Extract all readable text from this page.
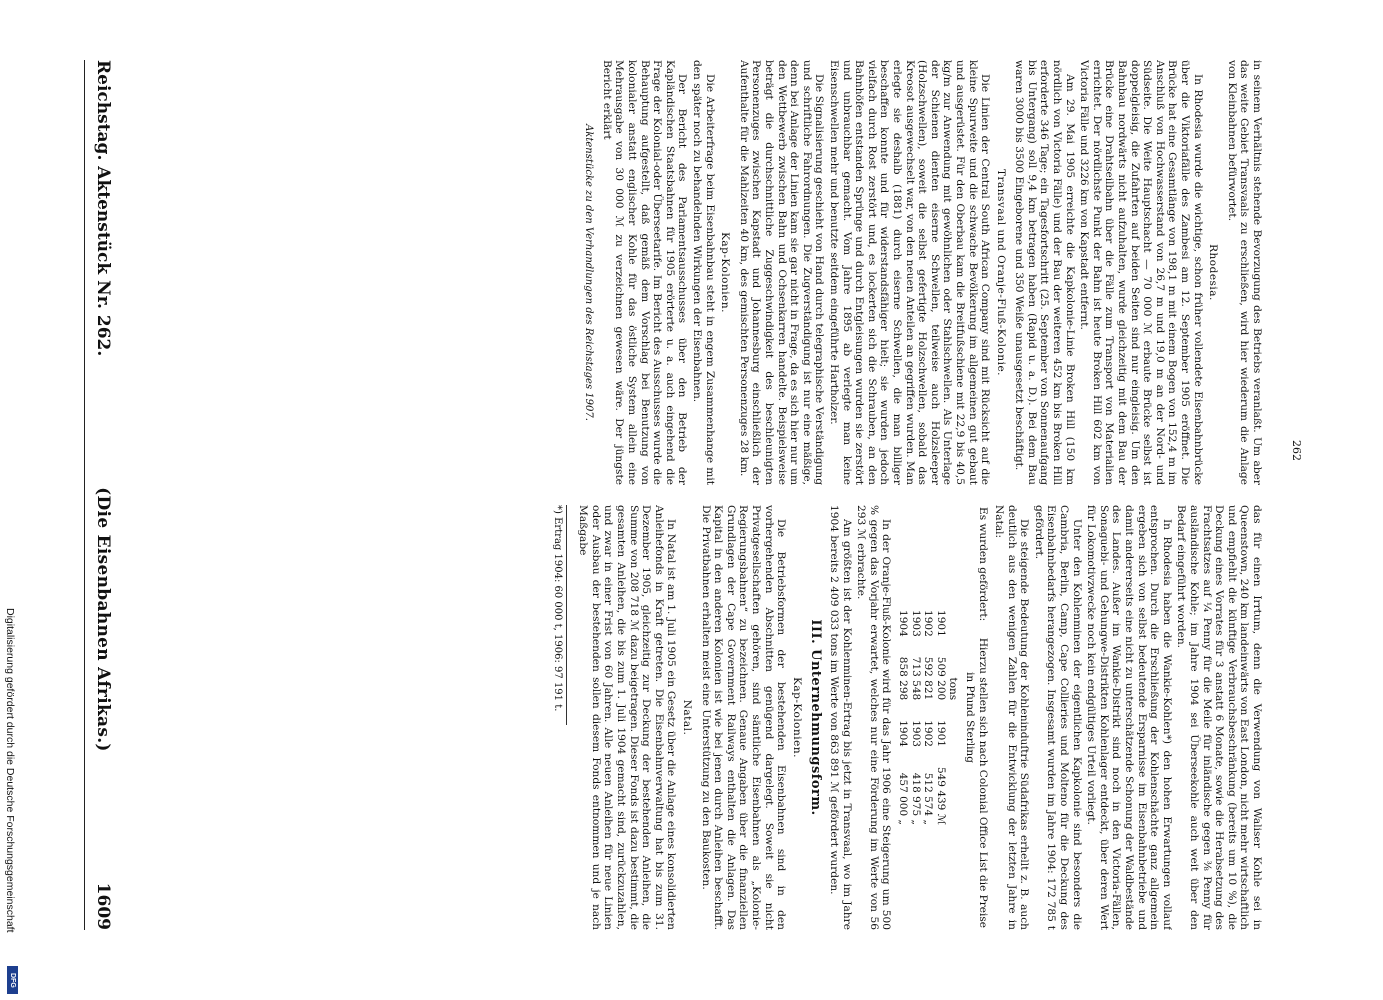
Reichstag. Aktenstück Nr. 262.
(Die Eisenbahnen Afrikas.)
1609

in seinem Verhältnis stehende Bevorzugung des Betriebs veranlaßt. Um aber das weite Gebiet Transvaals zu erschließen, wird hier wiederum die Anlage von Kleinbahnen befürwortet.

Rhodesia.

In Rhodesia wurde die wichtige, schon früher vollendete Eisenbahnbrücke über die Viktoriafälle des Zambesi am 12. September 1905 eröffnet. Die Brücke hat eine Gesamtlänge von 198,1 m mit einem Bogen von 152,4 m im Anschluß von Hochwasserstand von 26,7 m und 19,0 m an der Nord- und Südseite. Die Weite Hauptschacht — 70 000 ℳ erbaute Brücke selbst ist doppelgleisig, die Zufahrten auf beiden Seiten sind nur eingleisig. Um den Bahnbau nordwärts nicht aufzuhalten, wurde gleichzeitig mit dem Bau der Brücke eine Drahtseilbahn über die Fälle zum Transport von Materialien errichtet. Der nördlichste Punkt der Bahn ist heute Broken Hill 602 km von Victoria Fälle und 3226 km von Kapstadt entfernt.

Am 29. Mai 1905 erreichte die Kapkolonie-Linie Broken Hill (150 km nördlich von Victoria Fälle) und der Bau der weiteren 452 km bis Broken Hill erforderte 346 Tage; ein Tagesfortschritt (25. September von Sonnenaufgang bis Untergang) soll 9,4 km betragen haben (Rapid u. a. D.). Bei dem Bau waren 3000 bis 3500 Eingeborene und 350 Weiße unausgesetzt beschäftigt.

Transvaal und Oranje-Fluß-Kolonie.

Die Linien der Central South African Company sind mit Rücksicht auf die kleine Spurweite und die schwache Bevölkerung im allgemeinen gut gebaut und ausgerüstet. Für den Oberbau kam die Breitfußschiene mit 22,9 bis 40,5 kg/m zur Anwendung mit gewöhnlichen oder Stahlschwellen. Als Unterlage der Schienen dienten eiserne Schwellen, teilweise auch Holzsleeper (Holzschwellen), soweit die selbst gefertigte Holzschwellen, sobald das Kreosot ausgewechselt war, von den neuen Anteilen an gegriffen wurden. Man erlegte sie deshalb (1881) durch eiserne Schwellen, die man billiger beschaffen konnte und für widerstandsfähiger hielt; sie wurden jedoch vielfach durch Rost zerstört und, es lockerten sich die Schrauben, an den Bahnhöfen entstanden Sprünge und durch Entgleisungen wurden sie zerstört und unbrauchbar gemacht. Vom Jahre 1895 ab verlegte man keine Eisenschwellen mehr und benutzte seitdem eingeführte Hartholzer.

Die Signalisierung geschieht von Hand durch telegraphische Verständigung und schriftliche Fahrordnungen. Die Zugverständigung ist nur eine mäßige, denn bei Anlage der Linien kam sie gar nicht in Frage, da es sich hier nur um den Wettbewerb zwischen Bahn und Ochsenkarren handelte. Beispielsweise beträgt die durchschnittliche Zuggeschwindigkeit des beschleunigten Personenzuges zwischen Kapstadt und Johannesburg einschließlich der Aufenthalte für die Mahlzeiten 40 km, des gemischten Personenzuges 28 km.

Kap-Kolonien.

Die Arbeiterfrage beim Eisenbahnbau steht in engem Zusammenhange mit den später noch zu behandelnden Wirkungen der Eisenbahnen.

Der Bericht des Parlamentsausschusses über den Betrieb der Kapländischen Staatsbahnen für 1905 erörterte u. a. auch eingehend die Frage der Kolonial-oder Überseetarife. Im Bericht des Ausschusses wurde die Behauptung aufgestellt, daß gemäß dem Vorschlag bei Benutzung von kolonialer anstatt englischer Kohle für das östliche System allein eine Mehrausgabe von 30 000 ℳ zu verzeichnen gewesen wäre. Der jüngste Bericht erklärt

Aktenstücke zu den Verhandlungen des Reichstages 1907.

das für einen Irrtum, denn die Verwendung von Waliser Kohle sei in Queenstown, 240 km landeinwärts von East London, nicht mehr wirtschaftlich und empfiehlt die künftige Verbrauchsbeschränkung (bereits um 10 %), die Deckung eines Vorrates für 3 anstatt 6 Monate, sowie die Herabsetzung des Frachtsatzes auf ¼ Penny für die Meile für inländische gegen ⅜ Penny für ausländische Kohle; im Jahre 1904 sei Überseekohle auch weit über den Bedarf eingeführt worden.

In Rhodesia haben die Wankie-Kohlen*) den hohen Erwartungen vollauf entsprochen. Durch die Erschließung der Kohlenschächte ganz allgemein ergeben sich von selbst bedeutende Ersparnisse im Eisenbahnbetriebe und damit andererseits eine nicht zu unterschätzende Schonung der Waldbestände des Landes. Außer im Wankie-Distrikt sind noch in den Victoria-Fällen, Sonaguebi- und Gehungwe-Distrikten Kohlenlager entdeckt, über deren Wert für Lokomotivzwecke noch kein endgültiges Urteil vorliegt.

Unter den Kohlenminen der eigentlichen Kapkolonie sind besonders die Cambria, Berlin, Camp, Cape Collieries und Molteno für die Deckung des Eisenbahnbedarfs herangezogen. Insgesamt wurden im Jahre 1904: 172 785 t gefördert.

Die steigende Bedeutung der Kohleninduſtrie Südafrikas erhellt z. B. auch deutlich aus den wenigen Zahlen für die Entwicklung der letzten Jahre in Natal:

Es wurden gefördert:     Hierzu stellen sich nach Colonial Office List die Preise in Pfund Sterling
	tons		
1901	509 200	1901	549 439 ℳ
1902	592 821	1902	512 574 „
1903	713 548	1903	418 975 „
1904	858 298	1904	457 000 „

In der Oranje-Fluß-Kolonie wird für das Jahr 1906 eine Steigerung um 500 % gegen das Vorjahr erwartet, welches nur eine Förderung im Werte von 56 293 ℳ erbrachte.

Am größten ist der Kohlenminen-Ertrag bis jetzt in Transvaal, wo im Jahre 1904 bereits 2 409 033 tons im Werte von 863 891 ℳ gefördert wurden.

III. Unternehmungsform.
Kap-Kolonien.

Die Betriebsformen der bestehenden Eisenbahnen sind in den vorhergehenden Abschnitten genügend dargelegt. Soweit sie nicht Privatgesellschaften gehören, sind sämtliche Eisenbahnen als „Kolonie-Regierungsbahnen“ zu bezeichnen. Genaue Angaben über die finanziellen Grundlagen der Cape Government Railways enthalten die Anlagen. Das Kapital in den anderen Kolonien ist wie bei jenen durch Anleihen beschafft. Die Privatbahnen erhalten meist eine Unterstützung zu den Baukosten.

Natal.

In Natal ist am 1. Juli 1905 ein Gesetz über die Anlage eines konsolidierten Anleihefonds in Kraft getreten. Die Eisenbahnverwaltung hat bis zum 31. Dezember 1905, gleichzeitig zur Deckung der bestehenden Anleihen, die Summe von 208 718 ℳ dazu beigetragen. Dieser Fonds ist dazu bestimmt, die gesamten Anleihen, die bis zum 1. Juli 1904 gemacht sind, zurückzuzahlen, und zwar in einer Frist von 60 Jahren. Alle neuen Anleihen für neue Linien oder Ausbau der bestehenden sollen diesem Fonds entnommen und je nach Maßgabe

*) Ertrag 1904: 60 000 t, 1906: 97 191 t.
262
Digitalisierung gefördert durch die Deutsche Forschungsgemeinschaft
DFG
